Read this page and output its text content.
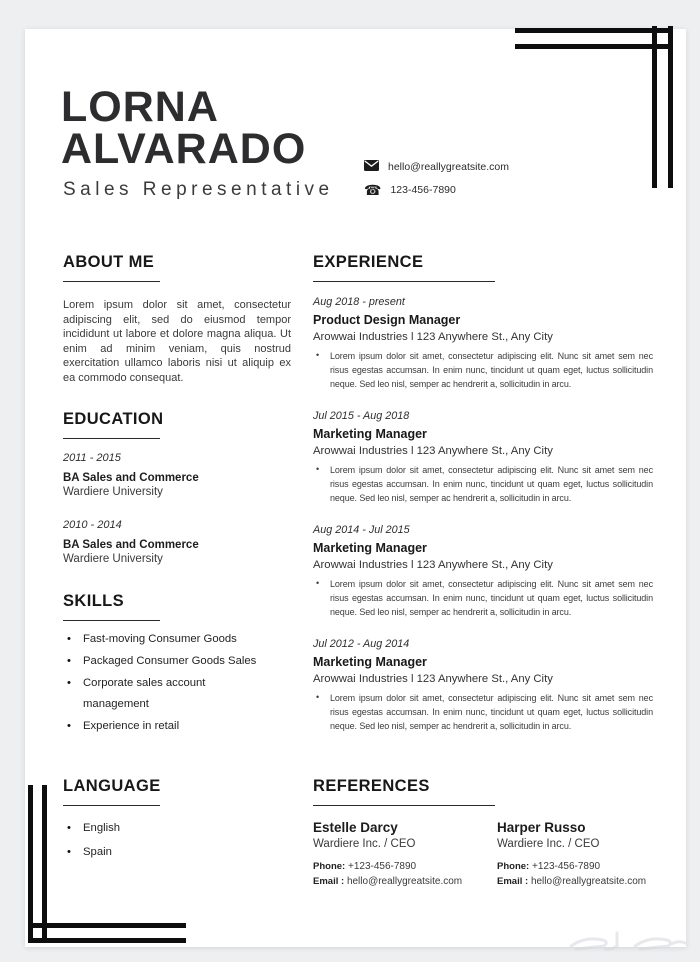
LORNA
ALVARADO
Sales Representative
hello@reallygreatsite.com
☎ 123-456-7890
ABOUT ME

Lorem ipsum dolor sit amet, consectetur adipiscing elit, sed do eiusmod tempor incididunt ut labore et dolore magna aliqua. Ut enim ad minim veniam, quis nostrud exercitation ullamco laboris nisi ut aliquip ex ea commodo consequat.

EDUCATION
2011 - 2015
BA Sales and Commerce
Wardiere University
2010 - 2014
BA Sales and Commerce
Wardiere University
SKILLS
• Fast-moving Consumer Goods
• Packaged Consumer Goods Sales
• Corporate sales account management
• Experience in retail
LANGUAGE
• English
• Spain
EXPERIENCE
Aug 2018 - present
Product Design Manager
Arowwai Industries l 123 Anywhere St., Any City
• Lorem ipsum dolor sit amet, consectetur adipiscing elit. Nunc sit amet sem nec risus egestas accumsan. In enim nunc, tincidunt ut quam eget, luctus sollicitudin neque. Sed leo nisl, semper ac hendrerit a, sollicitudin in arcu.
Jul 2015 - Aug 2018
Marketing Manager
Arowwai Industries l 123 Anywhere St., Any City
• Lorem ipsum dolor sit amet, consectetur adipiscing elit. Nunc sit amet sem nec risus egestas accumsan. In enim nunc, tincidunt ut quam eget, luctus sollicitudin neque. Sed leo nisl, semper ac hendrerit a, sollicitudin in arcu.
Aug 2014 - Jul 2015
Marketing Manager
Arowwai Industries l 123 Anywhere St., Any City
• Lorem ipsum dolor sit amet, consectetur adipiscing elit. Nunc sit amet sem nec risus egestas accumsan. In enim nunc, tincidunt ut quam eget, luctus sollicitudin neque. Sed leo nisl, semper ac hendrerit a, sollicitudin in arcu.
Jul 2012 - Aug 2014
Marketing Manager
Arowwai Industries l 123 Anywhere St., Any City
• Lorem ipsum dolor sit amet, consectetur adipiscing elit. Nunc sit amet sem nec risus egestas accumsan. In enim nunc, tincidunt ut quam eget, luctus sollicitudin neque. Sed leo nisl, semper ac hendrerit a, sollicitudin in arcu.
REFERENCES
Estelle Darcy
Wardiere Inc. / CEO
Phone: +123-456-7890
Email : hello@reallygreatsite.com
Harper Russo
Wardiere Inc. / CEO
Phone: +123-456-7890
Email : hello@reallygreatsite.com
